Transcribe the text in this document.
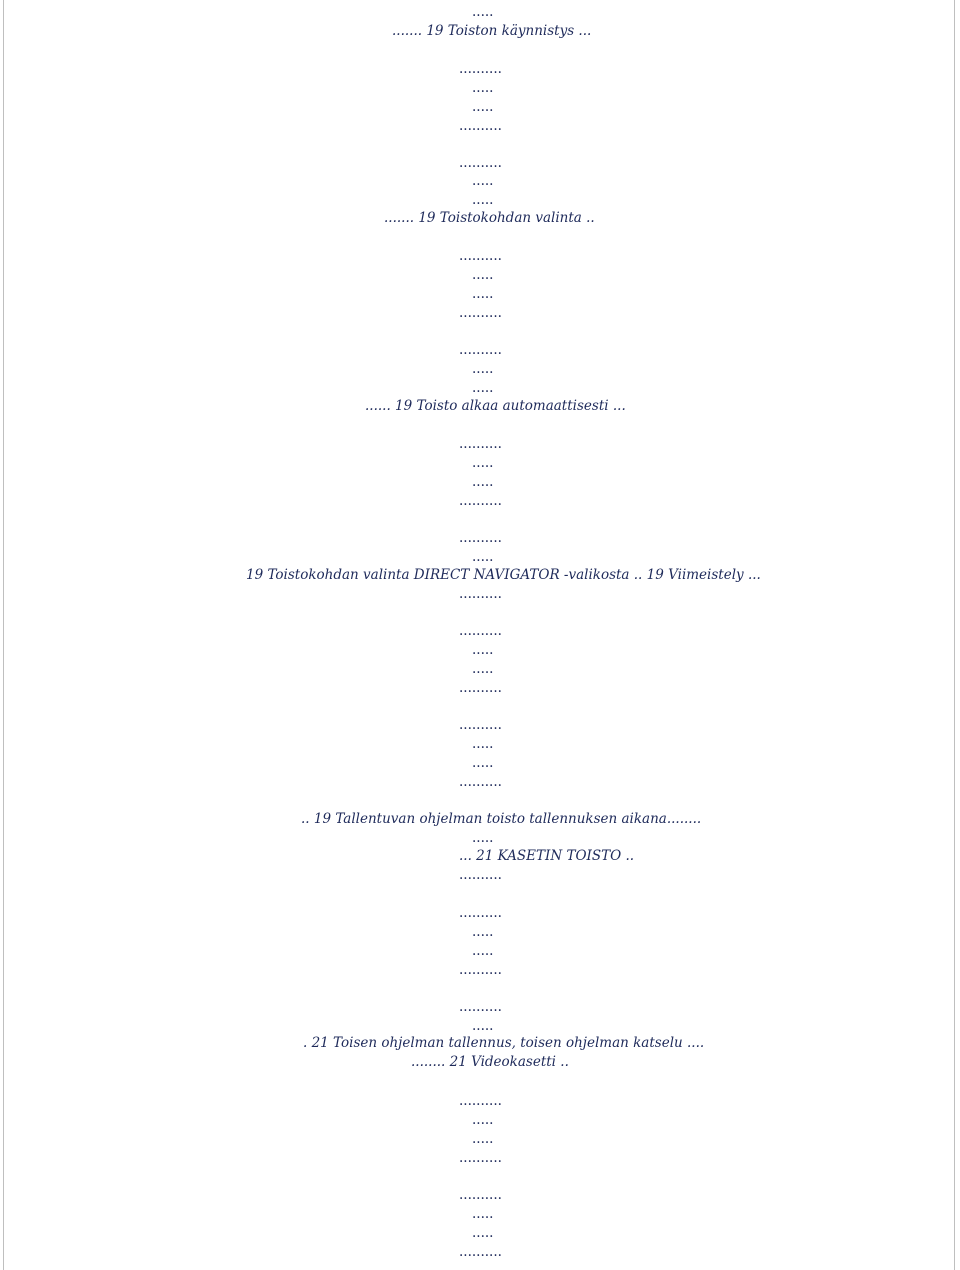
.....
....... 19 Toiston käynnistys ...
..........
.....
.....
..........
..........
.....
.....
....... 19 Toistokohdan valinta ..
..........
.....
.....
..........
..........
.....
.....
...... 19 Toisto alkaa automaattisesti ...
..........
.....
.....
..........
..........
.....
19 Toistokohdan valinta DIRECT NAVIGATOR -valikosta .. 19 Viimeistely ...
..........
..........
.....
.....
..........
..........
.....
.....
..........
.. 19 Tallentuvan ohjelman toisto tallennuksen aikana........
.....
... 21 KASETIN TOISTO ..
..........
..........
.....
.....
..........
..........
.....
. 21 Toisen ohjelman tallennus, toisen ohjelman katselu ....
........ 21 Videokasetti ..
..........
.....
.....
..........
..........
.....
.....
..........
